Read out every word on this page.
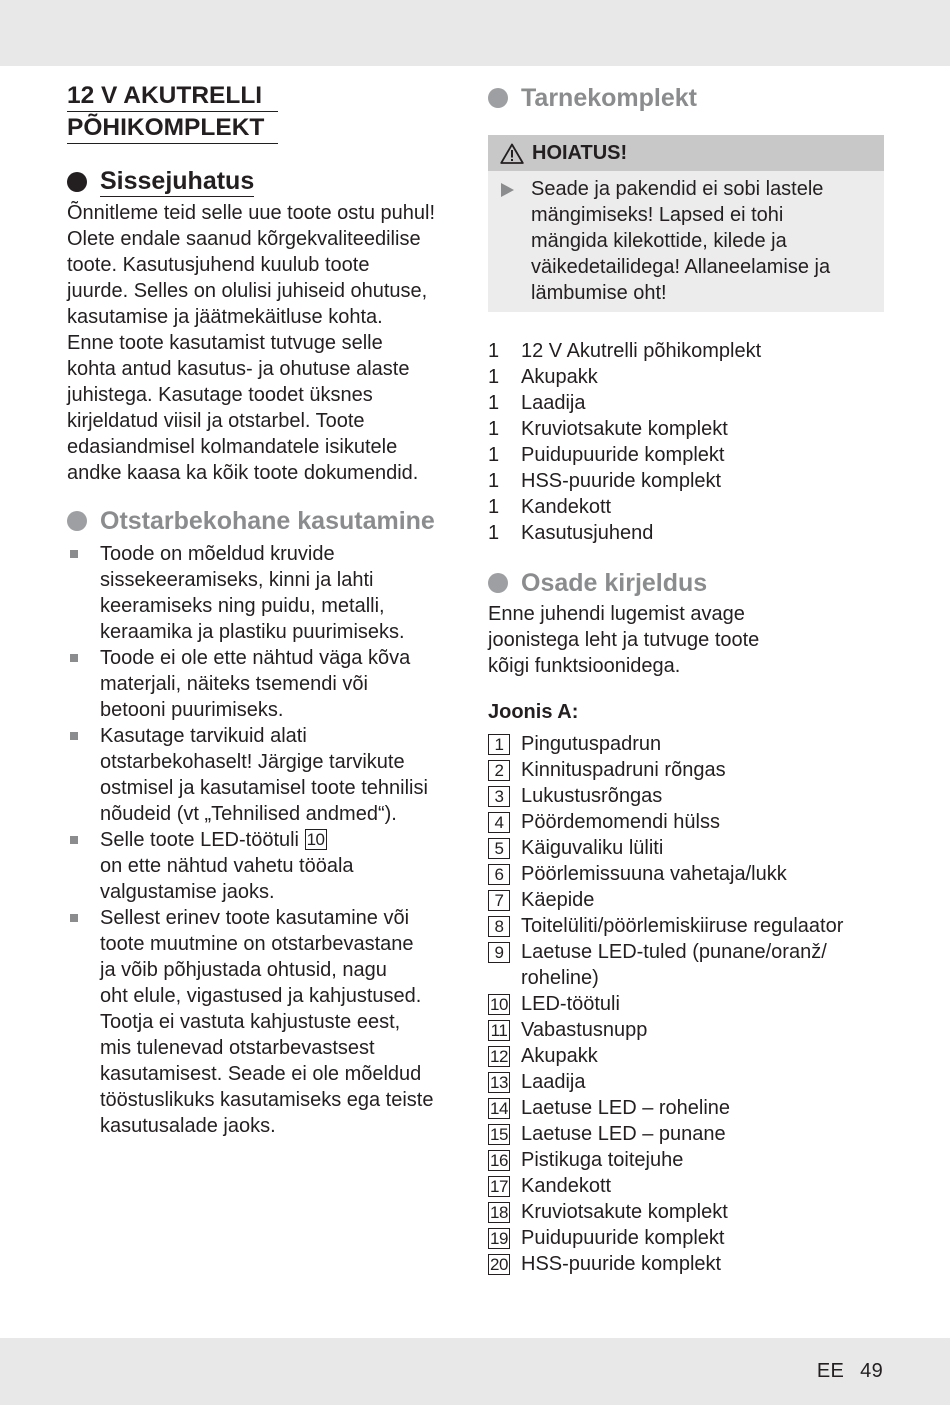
12 V AKUTRELLI
PÕHIKOMPLEKT
Sissejuhatus
Õnnitleme teid selle uue toote ostu puhul!
Olete endale saanud kõrgekvaliteedilise
toote. Kasutusjuhend kuulub toote
juurde. Selles on olulisi juhiseid ohutuse,
kasutamise ja jäätmekäitluse kohta.
Enne toote kasutamist tutvuge selle
kohta antud kasutus- ja ohutuse alaste
juhistega. Kasutage toodet üksnes
kirjeldatud viisil ja otstarbel. Toote
edasiandmisel kolmandatele isikutele
andke kaasa ka kõik toote dokumendid.
Otstarbekohane kasutamine
Toode on mõeldud kruvide
sissekeeramiseks, kinni ja lahti
keeramiseks ning puidu, metalli,
keraamika ja plastiku puurimiseks.
Toode ei ole ette nähtud väga kõva
materjali, näiteks tsemendi või
betooni puurimiseks.
Kasutage tarvikuid alati
otstarbekohaselt! Järgige tarvikute
ostmisel ja kasutamisel toote tehnilisi
nõudeid (vt „Tehnilised andmed“).
Selle toote LED-töötuli 10
on ette nähtud vahetu tööala
valgustamise jaoks.
Sellest erinev toote kasutamine või
toote muutmine on otstarbevastane
ja võib põhjustada ohtusid, nagu
oht elule, vigastused ja kahjustused.
Tootja ei vastuta kahjustuste eest,
mis tulenevad otstarbevastsest
kasutamisest. Seade ei ole mõeldud
tööstuslikuks kasutamiseks ega teiste
kasutusalade jaoks.
Tarnekomplekt
HOIATUS!
Seade ja pakendid ei sobi lastele
mängimiseks! Lapsed ei tohi
mängida kilekottide, kilede ja
väikedetailidega! Allaneelamise ja
lämbumise oht!
1	12 V Akutrelli põhikomplekt
1	Akupakk
1	Laadija
1	Kruviotsakute komplekt
1	Puidupuuride komplekt
1	HSS-puuride komplekt
1	Kandekott
1	Kasutusjuhend
Osade kirjeldus
Enne juhendi lugemist avage
joonistega leht ja tutvuge toote
kõigi funktsioonidega.

Joonis A:

1 Pingutuspadrun
2 Kinnituspadruni rõngas
3 Lukustusrõngas
4 Pöördemomendi hülss
5 Käiguvaliku lüliti
6 Pöörlemissuuna vahetaja/lukk
7 Käepide
8 Toitelüliti/pöörlemiskiiruse regulaator
9 Laetuse LED-tuled (punane/oranž/
roheline)
10 LED-töötuli
11 Vabastusnupp
12 Akupakk
13 Laadija
14 Laetuse LED – roheline
15 Laetuse LED – punane
16 Pistikuga toitejuhe
17 Kandekott
18 Kruviotsakute komplekt
19 Puidupuuride komplekt
20 HSS-puuride komplekt
EE 49
